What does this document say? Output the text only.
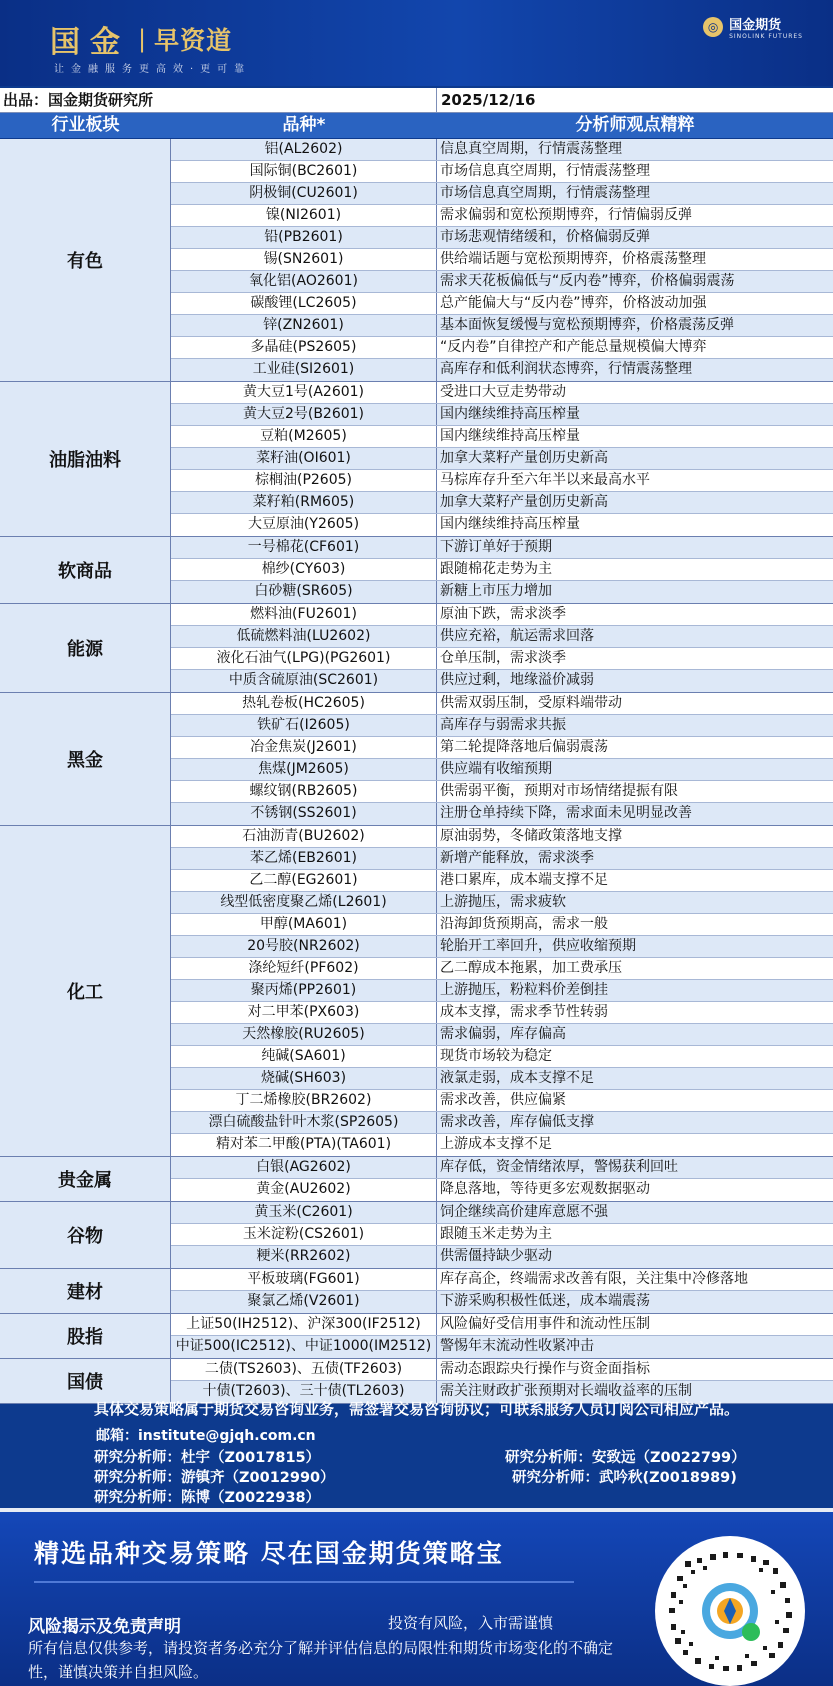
国金 | 早资道
让金融服务更高效·更可靠
◎ 国金期货
SINOLINK FUTURES
出品：国金期货研究所	2025/12/16
行业板块	品种*	分析师观点精粹
有色
铝(AL2602)	信息真空周期，行情震荡整理
国际铜(BC2601)	市场信息真空周期，行情震荡整理
阴极铜(CU2601)	市场信息真空周期，行情震荡整理
镍(NI2601)	需求偏弱和宽松预期博弈，行情偏弱反弹
铅(PB2601)	市场悲观情绪缓和，价格偏弱反弹
锡(SN2601)	供给端话题与宽松预期博弈，价格震荡整理
氧化铝(AO2601)	需求天花板偏低与“反内卷”博弈，价格偏弱震荡
碳酸锂(LC2605)	总产能偏大与“反内卷”博弈，价格波动加强
锌(ZN2601)	基本面恢复缓慢与宽松预期博弈，价格震荡反弹
多晶硅(PS2605)	“反内卷”自律控产和产能总量规模偏大博弈
工业硅(SI2601)	高库存和低利润状态博弈，行情震荡整理
油脂油料
黄大豆1号(A2601)	受进口大豆走势带动
黄大豆2号(B2601)	国内继续维持高压榨量
豆粕(M2605)	国内继续维持高压榨量
菜籽油(OI601)	加拿大菜籽产量创历史新高
棕榈油(P2605)	马棕库存升至六年半以来最高水平
菜籽粕(RM605)	加拿大菜籽产量创历史新高
大豆原油(Y2605)	国内继续维持高压榨量
软商品
一号棉花(CF601)	下游订单好于预期
棉纱(CY603)	跟随棉花走势为主
白砂糖(SR605)	新糖上市压力增加
能源
燃料油(FU2601)	原油下跌，需求淡季
低硫燃料油(LU2602)	供应充裕，航运需求回落
液化石油气(LPG)(PG2601)	仓单压制，需求淡季
中质含硫原油(SC2601)	供应过剩，地缘溢价减弱
黑金
热轧卷板(HC2605)	供需双弱压制，受原料端带动
铁矿石(I2605)	高库存与弱需求共振
冶金焦炭(J2601)	第二轮提降落地后偏弱震荡
焦煤(JM2605)	供应端有收缩预期
螺纹钢(RB2605)	供需弱平衡，预期对市场情绪提振有限
不锈钢(SS2601)	注册仓单持续下降，需求面未见明显改善
化工
石油沥青(BU2602)	原油弱势，冬储政策落地支撑
苯乙烯(EB2601)	新增产能释放，需求淡季
乙二醇(EG2601)	港口累库，成本端支撑不足
线型低密度聚乙烯(L2601)	上游抛压，需求疲软
甲醇(MA601)	沿海卸货预期高，需求一般
20号胶(NR2602)	轮胎开工率回升，供应收缩预期
涤纶短纤(PF602)	乙二醇成本拖累，加工费承压
聚丙烯(PP2601)	上游抛压，粉粒料价差倒挂
对二甲苯(PX603)	成本支撑，需求季节性转弱
天然橡胶(RU2605)	需求偏弱，库存偏高
纯碱(SA601)	现货市场较为稳定
烧碱(SH603)	液氯走弱，成本支撑不足
丁二烯橡胶(BR2602)	需求改善，供应偏紧
漂白硫酸盐针叶木浆(SP2605)	需求改善，库存偏低支撑
精对苯二甲酸(PTA)(TA601)	上游成本支撑不足
贵金属
白银(AG2602)	库存低，资金情绪浓厚，警惕获利回吐
黄金(AU2602)	降息落地，等待更多宏观数据驱动
谷物
黄玉米(C2601)	饲企继续高价建库意愿不强
玉米淀粉(CS2601)	跟随玉米走势为主
粳米(RR2602)	供需僵持缺少驱动
建材
平板玻璃(FG601)	库存高企，终端需求改善有限，关注集中冷修落地
聚氯乙烯(V2601)	下游采购积极性低迷，成本端震荡
股指
上证50(IH2512)、沪深300(IF2512)	风险偏好受信用事件和流动性压制
中证500(IC2512)、中证1000(IM2512) 警惕年末流动性收紧冲击
国债
二债(TS2603)、五债(TF2603)	需动态跟踪央行操作与资金面指标
十债(T2603)、三十债(TL2603)	需关注财政扩张预期对长端收益率的压制
具体交易策略属于期货交易咨询业务，需签署交易咨询协议；可联系服务人员订阅公司相应产品。
邮箱：institute@gjqh.com.cn
研究分析师：杜宇（Z0017815）	研究分析师：安致远（Z0022799）
研究分析师：游镇齐（Z0012990）	研究分析师：武吟秋(Z0018989)
研究分析师：陈博（Z0022938）
精选品种交易策略 尽在国金期货策略宝
风险揭示及免责声明	投资有风险，入市需谨慎
所有信息仅供参考，请投资者务必充分了解并评估信息的局限性和期货市场变化的不确定性，谨慎决策并自担风险。
